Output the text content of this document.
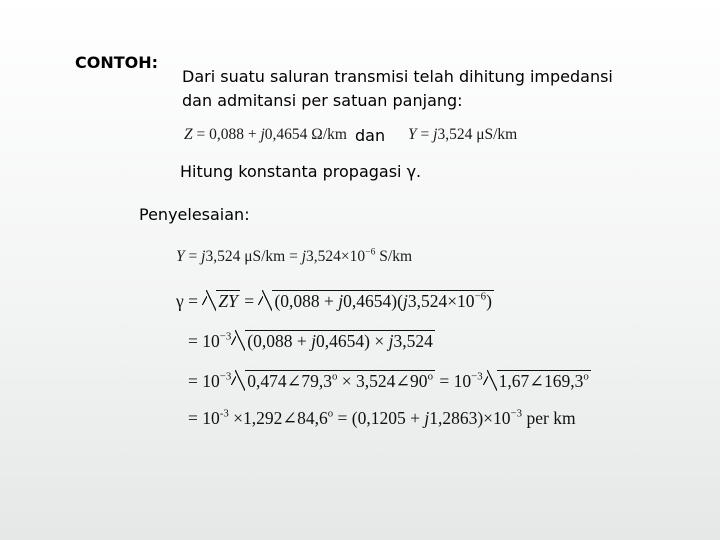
CONTOH:
Dari suatu saluran transmisi telah dihitung impedansi
dan admitansi per satuan panjang:
Z = 0,088 + j0,4654 Ω/km dan Y = j3,524 μS/km
Hitung konstanta propagasi γ.
Penyelesaian:
Y = j3,524 $\mu S/km = j3,524\times 10^{-6}$ S/km
γ = ZY = $(0,088 + j0,4654)(j3,524\times 10^{-6})$
= $10^{-3}$ (0,088 + j0,4654) × j3,524
= $10^{-3}$ $0,474\angle 79,3^o$ × $3,524\angle 90^o = 10^{-3}$ $1,67\angle 169,3^o$
= $10^{-3}$ $\times 1,292\angle 84,6^o = (0,1205 + j1,2863)\times 10^{-3}$ per km
